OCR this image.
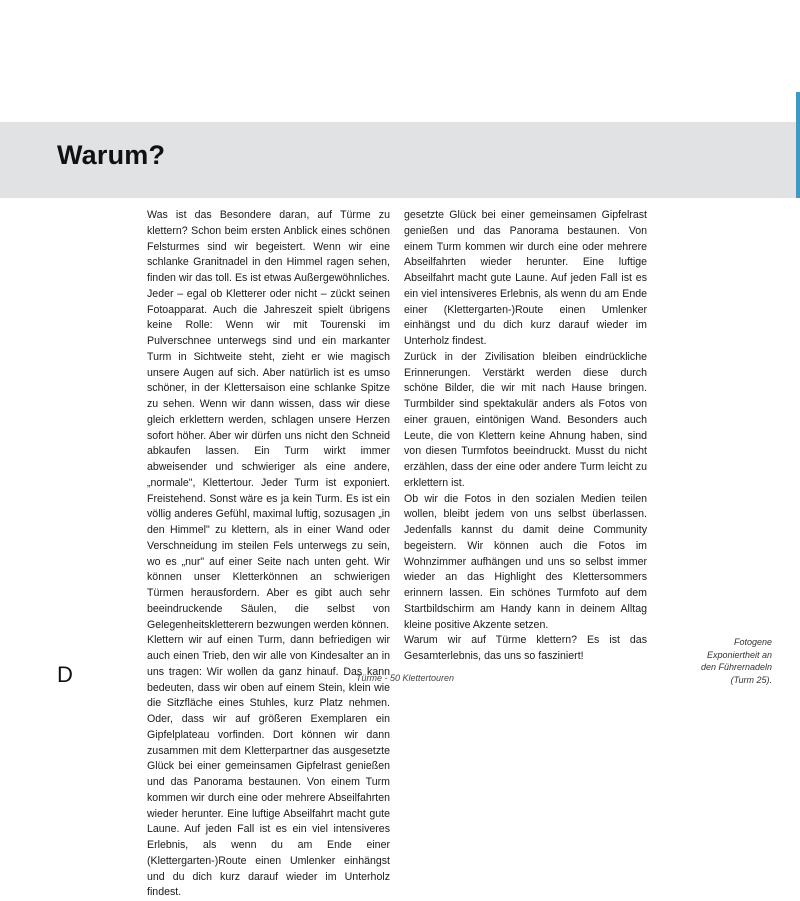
Warum?

Was ist das Besondere daran, auf Türme zu klettern? Schon beim ersten Anblick eines schönen Felsturmes sind wir begeistert. Wenn wir eine schlanke Granitnadel in den Himmel ragen sehen, finden wir das toll. Es ist etwas Außergewöhnliches. Jeder – egal ob Kletterer oder nicht – zückt seinen Fotoapparat. Auch die Jahreszeit spielt übrigens keine Rolle: Wenn wir mit Tourenski im Pulverschnee unterwegs sind und ein markanter Turm in Sichtweite steht, zieht er wie magisch unsere Augen auf sich. Aber natürlich ist es umso schöner, in der Klettersaison eine schlanke Spitze zu sehen. Wenn wir dann wissen, dass wir diese gleich erklettern werden, schlagen unsere Herzen sofort höher. Aber wir dürfen uns nicht den Schneid abkaufen lassen. Ein Turm wirkt immer abweisender und schwieriger als eine andere, „normale", Klettertour. Jeder Turm ist exponiert. Freistehend. Sonst wäre es ja kein Turm. Es ist ein völlig anderes Gefühl, maximal luftig, sozusagen „in den Himmel" zu klettern, als in einer Wand oder Verschneidung im steilen Fels unterwegs zu sein, wo es „nur" auf einer Seite nach unten geht. Wir können unser Kletterkönnen an schwierigen Türmen herausfordern. Aber es gibt auch sehr beeindruckende Säulen, die selbst von Gelegenheitskletterern bezwungen werden können.

Klettern wir auf einen Turm, dann befriedigen wir auch einen Trieb, den wir alle von Kindesalter an in uns tragen: Wir wollen da ganz hinauf. Das kann bedeuten, dass wir oben auf einem Stein, klein wie die Sitzfläche eines Stuhles, kurz Platz nehmen. Oder, dass wir auf größeren Exemplaren ein Gipfelplateau vorfinden. Dort können wir dann zusammen mit dem Kletterpartner das ausgesetzte Glück bei einer gemeinsamen Gipfelrast genießen und das Panorama bestaunen. Von einem Turm kommen wir durch eine oder mehrere Abseilfahrten wieder herunter. Eine luftige Abseilfahrt macht gute Laune. Auf jeden Fall ist es ein viel intensiveres Erlebnis, als wenn du am Ende einer (Klettergarten-)Route einen Umlenker einhängst und du dich kurz darauf wieder im Unterholz findest.

gesetzte Glück bei einer gemeinsamen Gipfelrast genießen und das Panorama bestaunen. Von einem Turm kommen wir durch eine oder mehrere Abseilfahrten wieder herunter. Eine luftige Abseilfahrt macht gute Laune. Auf jeden Fall ist es ein viel intensiveres Erlebnis, als wenn du am Ende einer (Klettergarten-)Route einen Umlenker einhängst und du dich kurz darauf wieder im Unterholz findest.

Zurück in der Zivilisation bleiben eindrückliche Erinnerungen. Verstärkt werden diese durch schöne Bilder, die wir mit nach Hause bringen. Turmbilder sind spektakulär anders als Fotos von einer grauen, eintönigen Wand. Besonders auch Leute, die von Klettern keine Ahnung haben, sind von diesen Turmfotos beeindruckt. Musst du nicht erzählen, dass der eine oder andere Turm leicht zu erklettern ist.

Ob wir die Fotos in den sozialen Medien teilen wollen, bleibt jedem von uns selbst überlassen. Jedenfalls kannst du damit deine Community begeistern. Wir können auch die Fotos im Wohnzimmer aufhängen und uns so selbst immer wieder an das Highlight des Klettersommers erinnern lassen. Ein schönes Turmfoto auf dem Startbildschirm am Handy kann in deinem Alltag kleine positive Akzente setzen.

Warum wir auf Türme klettern? Es ist das Gesamterlebnis, das uns so fasziniert!

Fotogene

Exponiertheit an

den Führernadeln

(Turm 25).

D	Türme - 50 Klettertouren
